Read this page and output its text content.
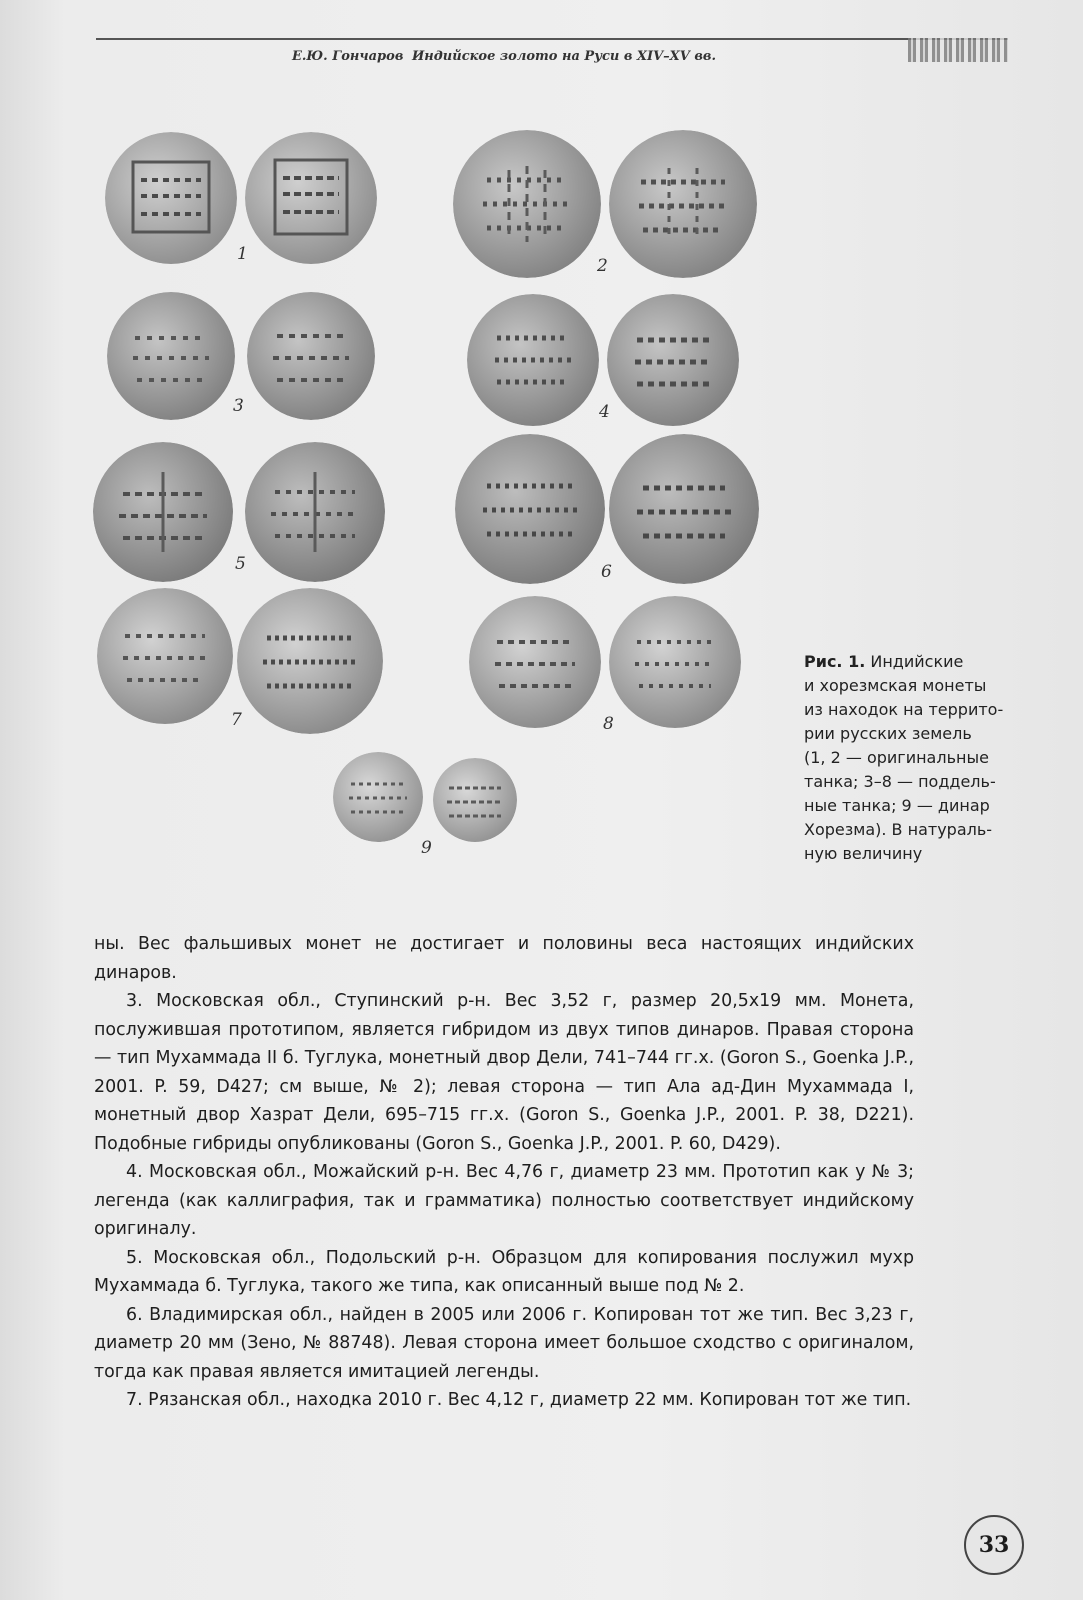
Е.Ю. Гончаров Индийское золото на Руси в XIV–XV вв.
1
2
3	4
5	6
7	8
9
Рис. 1. Индийские
и хорезмская монеты
из находок на террито-
рии русских земель
(1, 2 — оригинальные
танка; 3–8 — поддель-
ные танка; 9 — динар
Хорезма). В натураль-
ную величину

ны. Вес фальшивых монет не достигает и половины веса настоящих индийских динаров.

3. Московская обл., Ступинский р-н. Вес 3,52 г, размер 20,5х19 мм. Монета, послужившая прототипом, является гибридом из двух типов динаров. Правая сторона — тип Мухаммада II б. Туглука, монетный двор Дели, 741–744 гг.х. (Goron S., Goenka J.P., 2001. P. 59, D427; см выше, № 2); левая сторона — тип Ала ад-Дин Мухаммада I, монетный двор Хазрат Дели, 695–715 гг.х. (Goron S., Goenka J.P., 2001. P. 38, D221). Подобные гибриды опубликованы (Goron S., Goenka J.P., 2001. P. 60, D429).

4. Московская обл., Можайский р-н. Вес 4,76 г, диаметр 23 мм. Прототип как у № 3; легенда (как каллиграфия, так и грамматика) полностью соответствует индийскому оригиналу.

5. Московская обл., Подольский р-н. Образцом для копирования послужил мухр Мухаммада б. Туглука, такого же типа, как описанный выше под № 2.

6. Владимирская обл., найден в 2005 или 2006 г. Копирован тот же тип. Вес 3,23 г, диаметр 20 мм (Зено, № 88748). Левая сторона имеет большое сходство с оригиналом, тогда как правая является имитацией легенды.

7. Рязанская обл., находка 2010 г. Вес 4,12 г, диаметр 22 мм. Копирован тот же тип.

33
